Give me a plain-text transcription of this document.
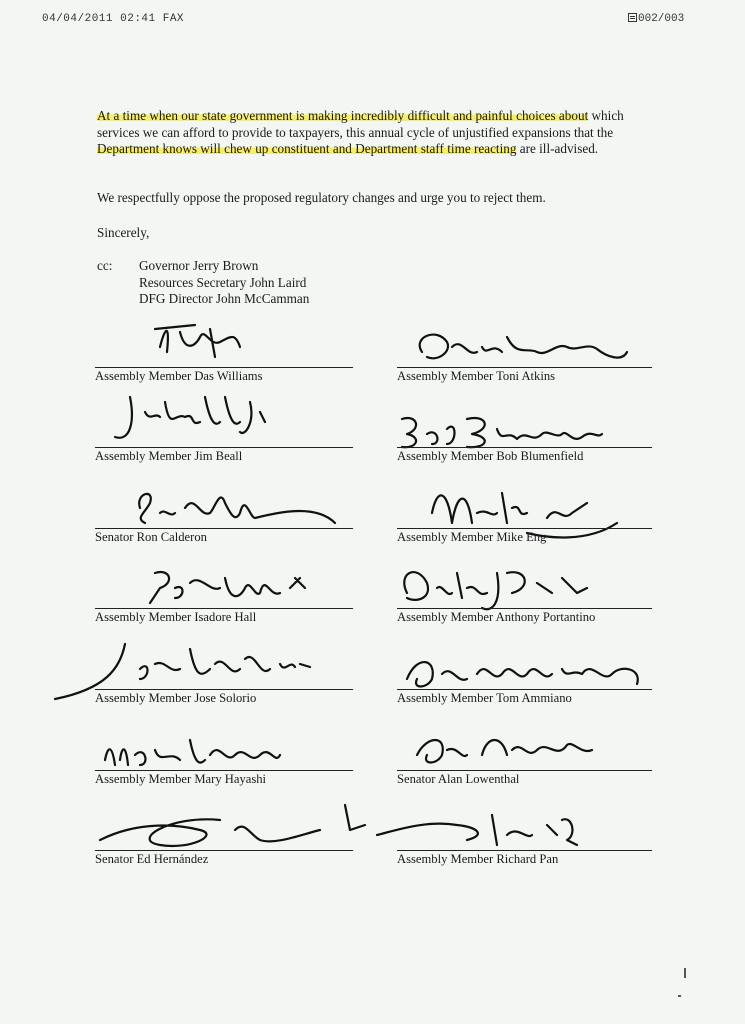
04/04/2011 02:41 FAX	002/003

At a time when our state government is making incredibly difficult and painful choices about which services we can afford to provide to taxpayers, this annual cycle of unjustified expansions that the Department knows will chew up constituent and Department staff time reacting are ill-advised.

We respectfully oppose the proposed regulatory changes and urge you to reject them.

Sincerely,
cc: Governor Jerry Brown
Resources Secretary John Laird
DFG Director John McCamman
Assembly Member Das Williams	Assembly Member Toni Atkins
Assembly Member Jim Beall	Assembly Member Bob Blumenfield
Senator Ron Calderon	Assembly Member Mike Eng
Assembly Member Isadore Hall	Assembly Member Anthony Portantino
Assembly Member Jose Solorio	Assembly Member Tom Ammiano
Assembly Member Mary Hayashi	Senator Alan Lowenthal
Senator Ed Hernández	Assembly Member Richard Pan
